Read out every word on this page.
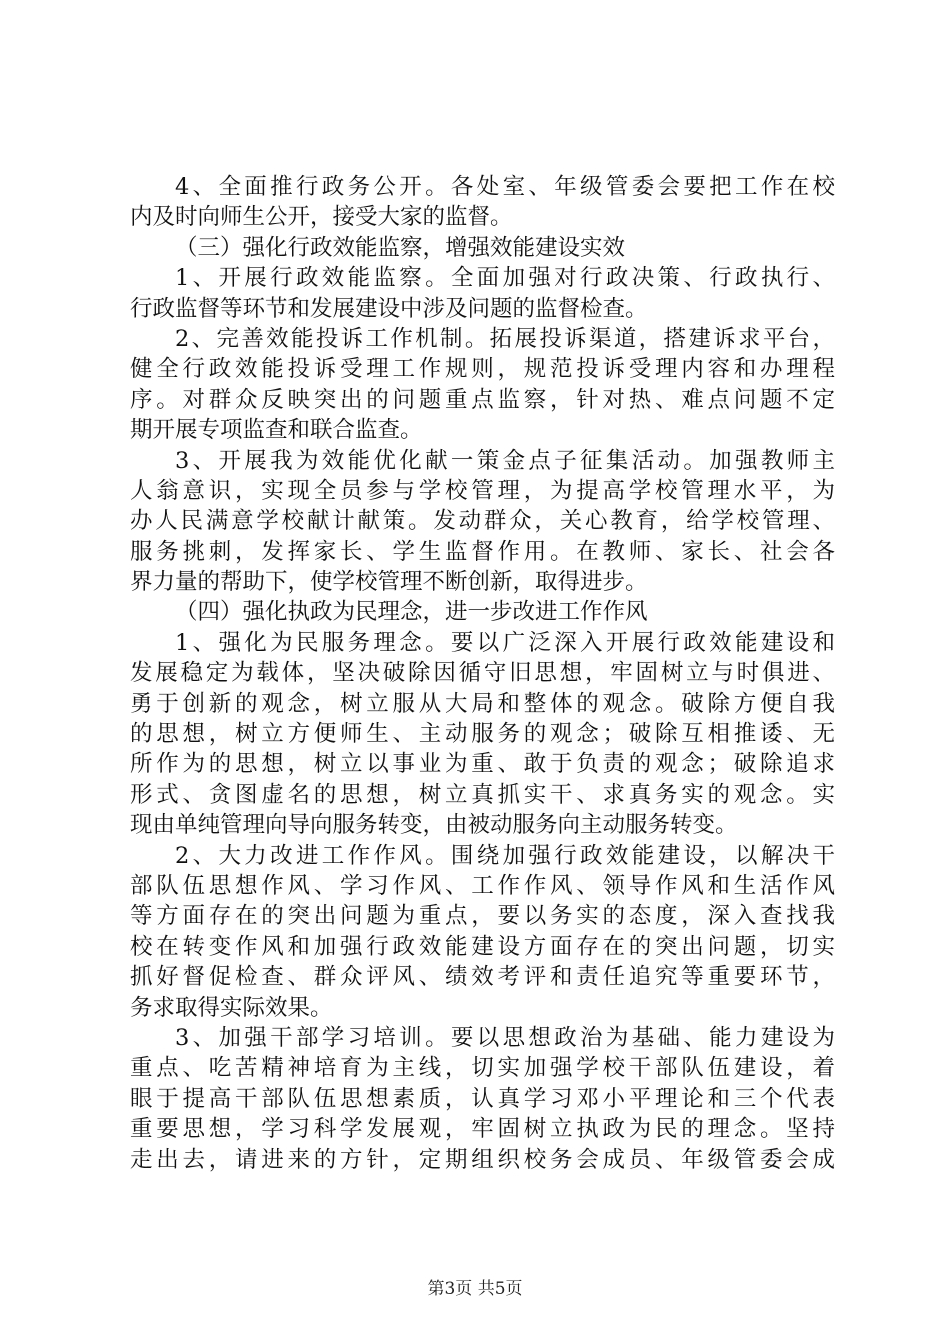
4、全面推行政务公开。各处室、年级管委会要把工作在校
内及时向师生公开，接受大家的监督。
（三）强化行政效能监察，增强效能建设实效
1、开展行政效能监察。全面加强对行政决策、行政执行、
行政监督等环节和发展建设中涉及问题的监督检查。
2、完善效能投诉工作机制。拓展投诉渠道，搭建诉求平台，
健全行政效能投诉受理工作规则，规范投诉受理内容和办理程
序。对群众反映突出的问题重点监察，针对热、难点问题不定
期开展专项监查和联合监查。
3、开展我为效能优化献一策金点子征集活动。加强教师主
人翁意识，实现全员参与学校管理，为提高学校管理水平，为
办人民满意学校献计献策。发动群众，关心教育，给学校管理、
服务挑刺，发挥家长、学生监督作用。在教师、家长、社会各
界力量的帮助下，使学校管理不断创新，取得进步。
（四）强化执政为民理念，进一步改进工作作风
1、强化为民服务理念。要以广泛深入开展行政效能建设和
发展稳定为载体，坚决破除因循守旧思想，牢固树立与时俱进、
勇于创新的观念，树立服从大局和整体的观念。破除方便自我
的思想，树立方便师生、主动服务的观念；破除互相推诿、无
所作为的思想，树立以事业为重、敢于负责的观念；破除追求
形式、贪图虚名的思想，树立真抓实干、求真务实的观念。实
现由单纯管理向导向服务转变，由被动服务向主动服务转变。
2、大力改进工作作风。围绕加强行政效能建设，以解决干
部队伍思想作风、学习作风、工作作风、领导作风和生活作风
等方面存在的突出问题为重点，要以务实的态度，深入查找我
校在转变作风和加强行政效能建设方面存在的突出问题，切实
抓好督促检查、群众评风、绩效考评和责任追究等重要环节，
务求取得实际效果。
3、加强干部学习培训。要以思想政治为基础、能力建设为
重点、吃苦精神培育为主线，切实加强学校干部队伍建设，着
眼于提高干部队伍思想素质，认真学习邓小平理论和三个代表
重要思想，学习科学发展观，牢固树立执政为民的理念。坚持
走出去，请进来的方针，定期组织校务会成员、年级管委会成
第3页 共5页
